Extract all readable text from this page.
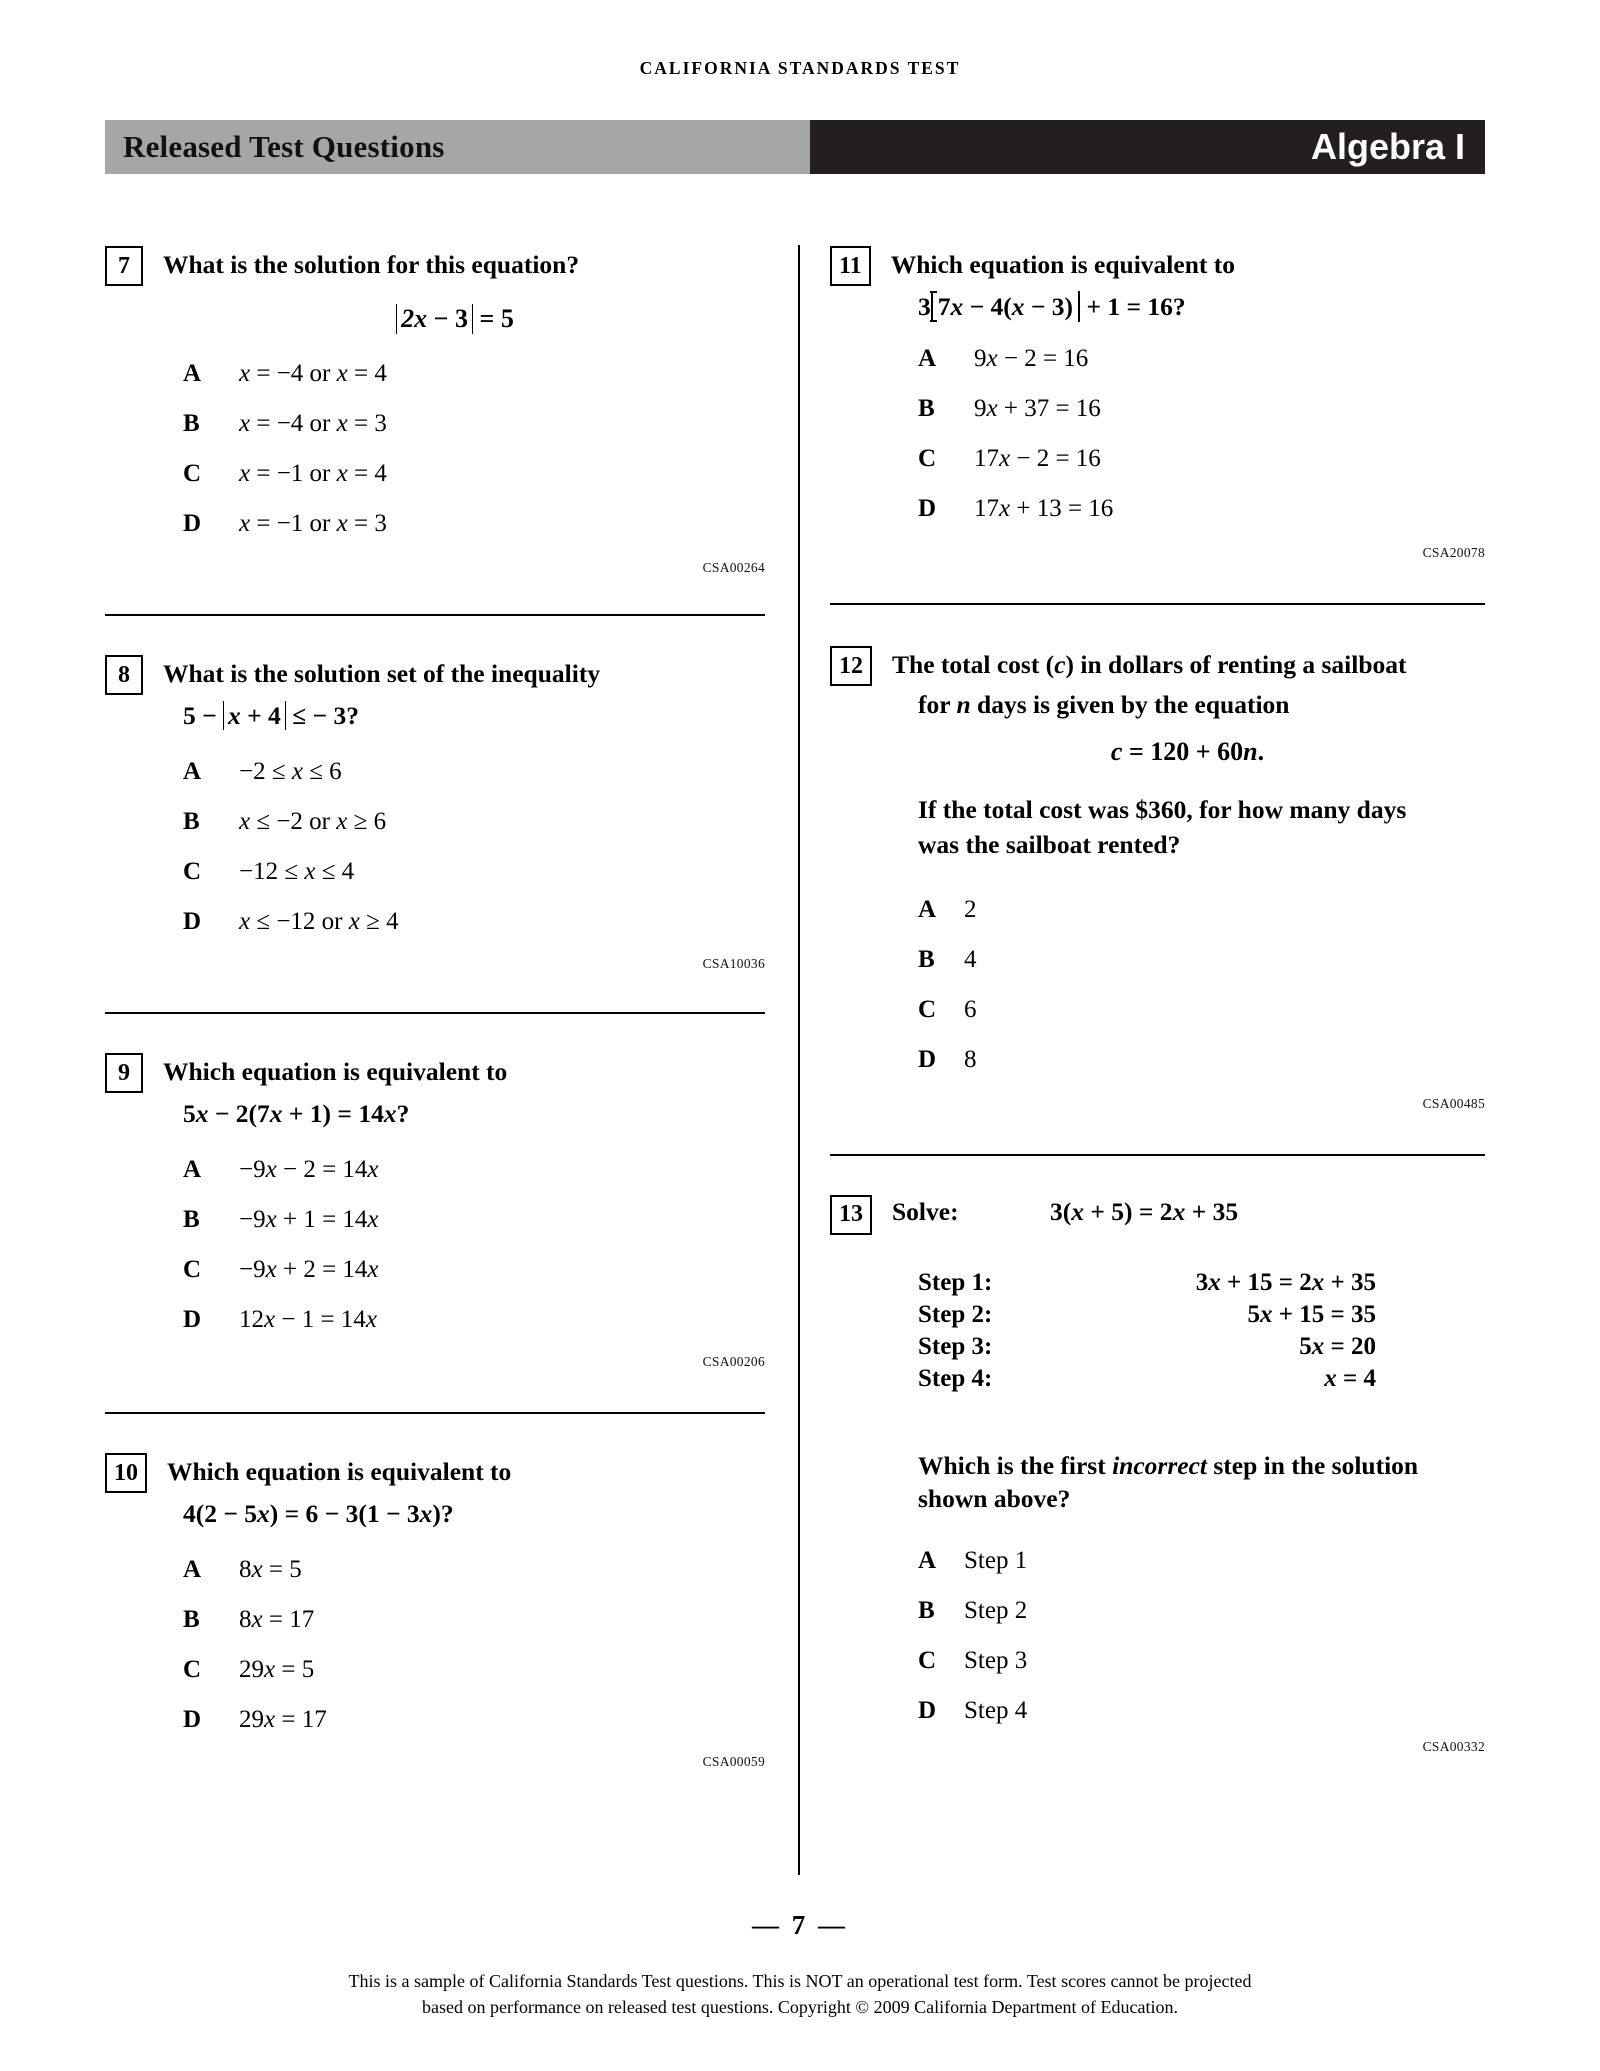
CALIFORNIA STANDARDS TEST
Released Test Questions	Algebra I
7	What is the solution for this equation?
2x − 3 = 5
A	x = −4 or x = 4
B	x = −4 or x = 3
C	x = −1 or x = 4
D	x = −1 or x = 3
CSA00264
8	What is the solution set of the inequality
5 − x + 4 ≤ − 3?
A	−2 ≤ x ≤ 6
B	x ≤ −2 or x ≥ 6
C	−12 ≤ x ≤ 4
D	x ≤ −12 or x ≥ 4
CSA10036
9	Which equation is equivalent to
5x − 2(7x + 1) = 14x?
A	−9x − 2 = 14x
B	−9x + 1 = 14x
C	−9x + 2 = 14x
D	12x − 1 = 14x
CSA00206
10	Which equation is equivalent to
4(2 − 5x) = 6 − 3(1 − 3x)?
A	8x = 5
B	8x = 17
C	29x = 5
D	29x = 17
CSA00059
11	Which equation is equivalent to
3 7x − 4(x − 3) + 1 = 16?
A	9x − 2 = 16
B	9x + 37 = 16
C	17x − 2 = 16
D	17x + 13 = 16
CSA20078
12	The total cost (c) in dollars of renting a sailboat
for n days is given by the equation
c = 120 + 60n.
If the total cost was $360, for how many days
was the sailboat rented?
A	2
B	4
C	6
D	8
CSA00485
13	Solve:	3(x + 5) = 2x + 35
Step 1:	3x + 15 = 2x + 35
Step 2:	5x + 15 = 35
Step 3:	5x = 20
Step 4:	x = 4
Which is the first incorrect step in the solution
shown above?
A	Step 1
B	Step 2
C	Step 3
D	Step 4
CSA00332
— 7 —
This is a sample of California Standards Test questions. This is NOT an operational test form. Test scores cannot be projected
based on performance on released test questions. Copyright © 2009 California Department of Education.
